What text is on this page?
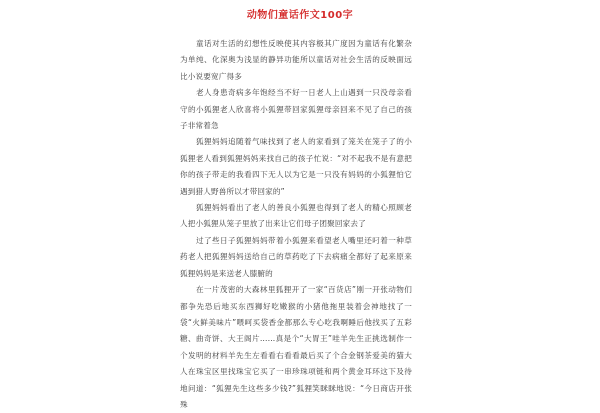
动物们童话作文100字

童话对生活的幻想性反映使其内容极其广度因为童话有化繁杂为单纯、化深奥为浅显的静异功能所以童话对社会生活的反映面远比小说要宽广得多

老人身患奇病多年饱经当不好一日老人上山遇到一只没母亲看守的小狐狸老人欣喜将小狐狸带回家狐狸母亲回来不见了自己的孩子非常着急

狐狸妈妈追随着气味找到了老人的家看到了笼关在笼子了的小狐狸老人看到狐狸妈妈来找自己的孩子忙说：“对不起我不是有意把你的孩子带走的我看四下无人以为它是一只没有妈妈的小狐狸怕它遇到猎人野兽所以才带回家的”

狐狸妈妈看出了老人的善良小狐狸也得到了老人的精心照顾老人把小狐狸从笼子里放了出来让它们母子团聚回家去了

过了些日子狐狸妈妈带着小狐狸来看望老人嘴里还叼着一种草药老人把狐狸妈妈送给自己的草药吃了下去病痛全都好了起来原来狐狸妈妈是来送老人膝腑的

在一片茂密的大森林里狐狸开了一家“百货店”刚一开张动物们都争先恐后地买东西狮好吃嫩猴的小猪他拖里装着会神地找了一袋“火鲜美味片”喂呵买袋香金都那么专心吃我啊睡后他找买了五彩糖、曲奇饼、大王阁片……真是个“大胃王”哇羊先生正挑选制作一个发明的材料羊先生左看看右看看最后买了个合金钢茶爱美的猫大人在珠宝区里找珠宝它买了一串珍珠项链和两个黄金耳环这下及待地问道：“狐狸先生这些多少钱?”狐狸笑眯眯地说：“今日商店开张殊
